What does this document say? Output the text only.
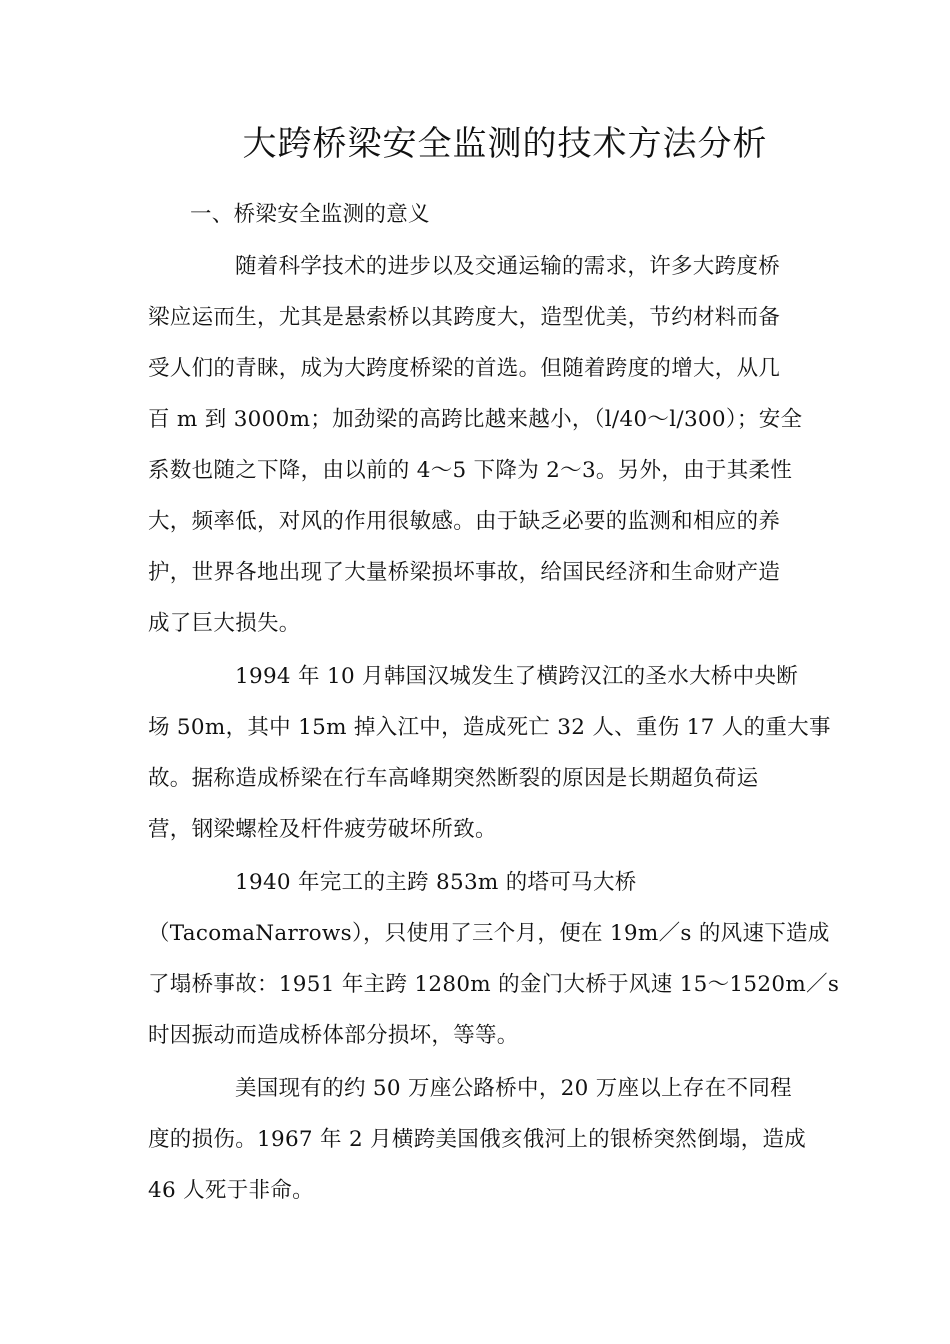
大跨桥梁安全监测的技术方法分析
一、桥梁安全监测的意义
随着科学技术的进步以及交通运输的需求，许多大跨度桥
梁应运而生，尤其是悬索桥以其跨度大，造型优美，节约材料而备
受人们的青睐，成为大跨度桥梁的首选。但随着跨度的增大，从几
百 m 到 3000m；加劲梁的高跨比越来越小，（l/40～l/300）；安全
系数也随之下降，由以前的 4～5 下降为 2～3。另外，由于其柔性
大，频率低，对风的作用很敏感。由于缺乏必要的监测和相应的养
护，世界各地出现了大量桥梁损坏事故，给国民经济和生命财产造
成了巨大损失。
1994 年 10 月韩国汉城发生了横跨汉江的圣水大桥中央断
场 50m，其中 15m 掉入江中，造成死亡 32 人、重伤 17 人的重大事
故。据称造成桥梁在行车高峰期突然断裂的原因是长期超负荷运
营，钢梁螺栓及杆件疲劳破坏所致。
1940 年完工的主跨 853m 的塔可马大桥
（TacomaNarrows），只使用了三个月，便在 19m／s 的风速下造成
了塌桥事故：1951 年主跨 1280m 的金门大桥于风速 15～1520m／s
时因振动而造成桥体部分损坏，等等。
美国现有的约 50 万座公路桥中，20 万座以上存在不同程
度的损伤。1967 年 2 月横跨美国俄亥俄河上的银桥突然倒塌，造成
46 人死于非命。
